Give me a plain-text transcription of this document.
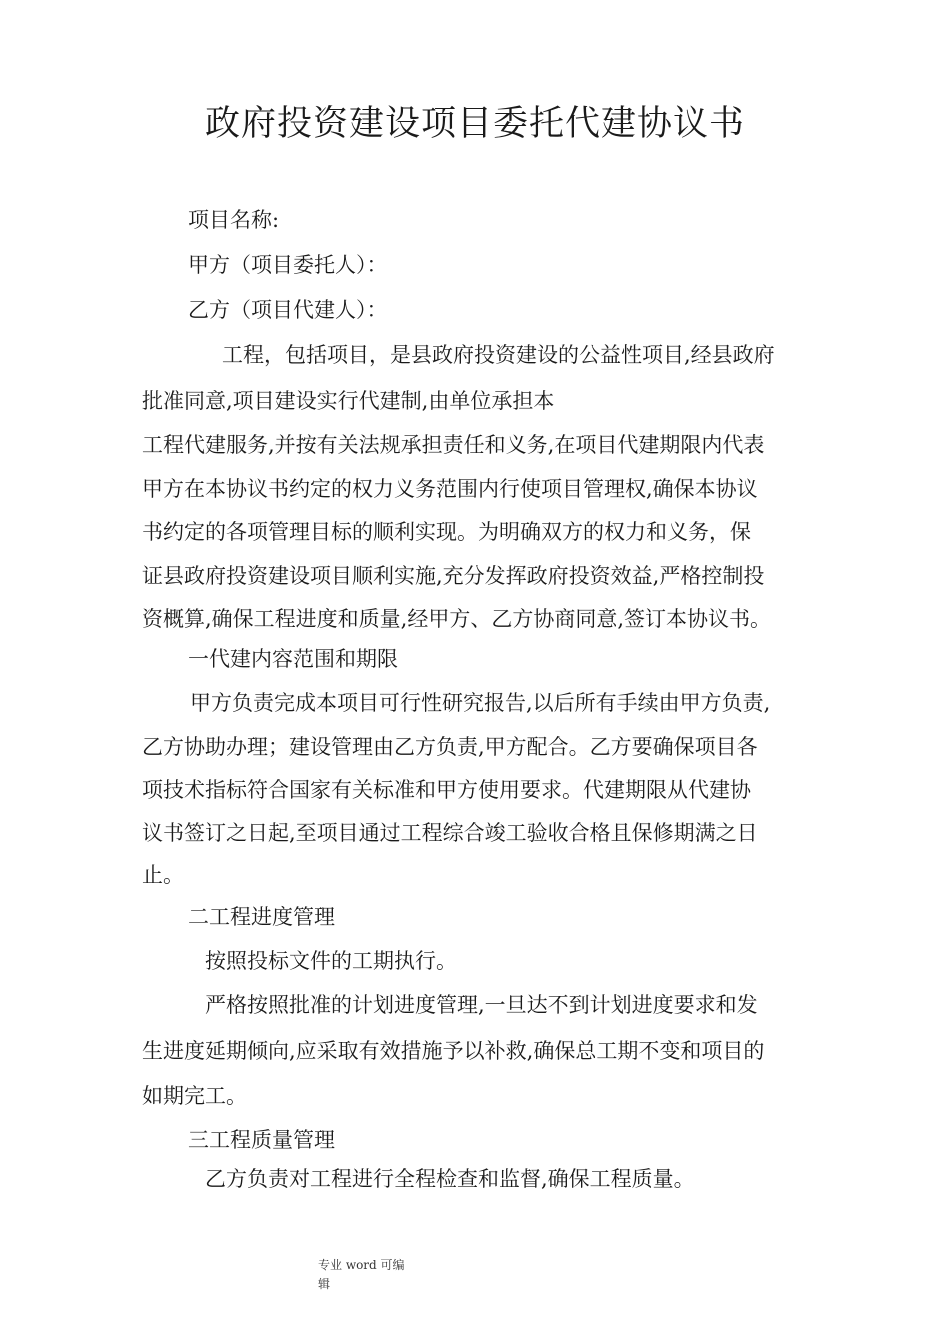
政府投资建设项目委托代建协议书

项目名称:

甲方（项目委托人）：

乙方（项目代建人）：

工程，包括项目，是县政府投资建设的公益性项目,经县政府

批准同意,项目建设实行代建制,由单位承担本

工程代建服务,并按有关法规承担责任和义务,在项目代建期限内代表

甲方在本协议书约定的权力义务范围内行使项目管理权,确保本协议

书约定的各项管理目标的顺利实现。为明确双方的权力和义务，保

证县政府投资建设项目顺利实施,充分发挥政府投资效益,严格控制投

资概算,确保工程进度和质量,经甲方、乙方协商同意,签订本协议书。

一代建内容范围和期限

甲方负责完成本项目可行性研究报告,以后所有手续由甲方负责,

乙方协助办理；建设管理由乙方负责,甲方配合。乙方要确保项目各

项技术指标符合国家有关标准和甲方使用要求。代建期限从代建协

议书签订之日起,至项目通过工程综合竣工验收合格且保修期满之日

止。

二工程进度管理

按照投标文件的工期执行。

严格按照批准的计划进度管理,一旦达不到计划进度要求和发

生进度延期倾向,应采取有效措施予以补救,确保总工期不变和项目的

如期完工。

三工程质量管理

乙方负责对工程进行全程检查和监督,确保工程质量。

专业 word 可编
辑
